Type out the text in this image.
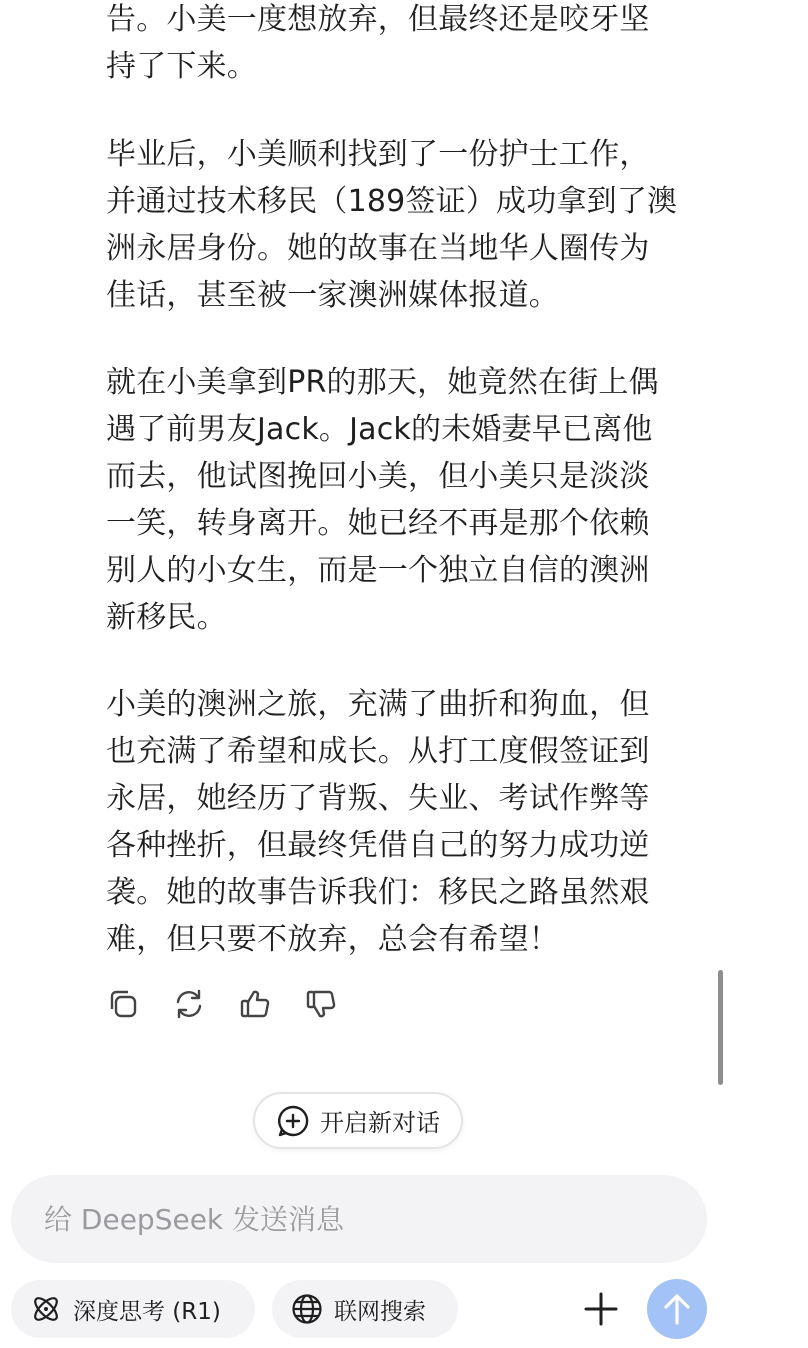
告。小美一度想放弃，但最终还是咬牙坚
持了下来。

毕业后，小美顺利找到了一份护士工作，
并通过技术移民（189签证）成功拿到了澳
洲永居身份。她的故事在当地华人圈传为
佳话，甚至被一家澳洲媒体报道。

就在小美拿到PR的那天，她竟然在街上偶
遇了前男友Jack。Jack的未婚妻早已离他
而去，他试图挽回小美，但小美只是淡淡
一笑，转身离开。她已经不再是那个依赖
别人的小女生，而是一个独立自信的澳洲
新移民。

小美的澳洲之旅，充满了曲折和狗血，但
也充满了希望和成长。从打工度假签证到
永居，她经历了背叛、失业、考试作弊等
各种挫折，但最终凭借自己的努力成功逆
袭。她的故事告诉我们：移民之路虽然艰
难，但只要不放弃，总会有希望！

开启新对话
给 DeepSeek 发送消息
深度思考 (R1)	联网搜索
